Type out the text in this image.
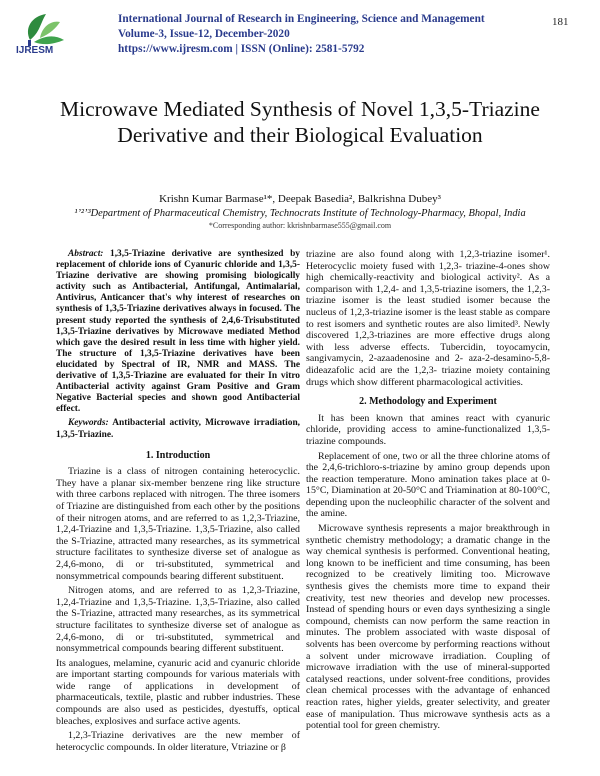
IJRESM
International Journal of Research in Engineering, Science and Management
Volume-3, Issue-12, December-2020
https://www.ijresm.com | ISSN (Online): 2581-5792
181
Microwave Mediated Synthesis of Novel 1,3,5-Triazine Derivative and their Biological Evaluation
Krishn Kumar Barmase¹*, Deepak Basedia², Balkrishna Dubey³
¹ʼ²ʼ³Department of Pharmaceutical Chemistry, Technocrats Institute of Technology-Pharmacy, Bhopal, India
*Corresponding author: kkrishnbarmase555@gmail.com

Abstract: 1,3,5-Triazine derivative are synthesized by replacement of chloride ions of Cyanuric chloride and 1,3,5-Triazine derivative are showing promising biologically activity such as Antibacterial, Antifungal, Antimalarial, Antivirus, Anticancer that's why interest of researches on synthesis of 1,3,5-Triazine derivatives always in focused. The present study reported the synthesis of 2,4,6-Trisubstituted 1,3,5-Triazine derivatives by Microwave mediated Method which gave the desired result in less time with higher yield. The structure of 1,3,5-Triazine derivatives have been elucidated by Spectral of IR, NMR and MASS. The derivative of 1,3,5-Triazine are evaluated for their In vitro Antibacterial activity against Gram Positive and Gram Negative Bacterial species and shown good Antibacterial effect.

Keywords: Antibacterial activity, Microwave irradiation, 1,3,5-Triazine.

1. Introduction

Triazine is a class of nitrogen containing heterocyclic. They have a planar six-member benzene ring like structure with three carbons replaced with nitrogen. The three isomers of Triazine are distinguished from each other by the positions of their nitrogen atoms, and are referred to as 1,2,3-Triazine, 1,2,4-Triazine and 1,3,5-Triazine. 1,3,5-Triazine, also called the S-Triazine, attracted many researches, as its symmetrical structure facilitates to synthesize diverse set of analogue as 2,4,6-mono, di or tri-substituted, symmetrical and nonsymmetrical compounds bearing different substituent.

Nitrogen atoms, and are referred to as 1,2,3-Triazine, 1,2,4-Triazine and 1,3,5-Triazine. 1,3,5-Triazine, also called the S-Triazine, attracted many researches, as its symmetrical structure facilitates to synthesize diverse set of analogue as 2,4,6-mono, di or tri-substituted, symmetrical and nonsymmetrical compounds bearing different substituent.

Its analogues, melamine, cyanuric acid and cyanuric chloride are important starting compounds for various materials with wide range of applications in development of pharmaceuticals, textile, plastic and rubber industries. These compounds are also used as pesticides, dyestuffs, optical bleaches, explosives and surface active agents.

1,2,3-Triazine derivatives are the new member of heterocyclic compounds. In older literature, Vtriazine or β

triazine are also found along with 1,2,3-triazine isomer¹. Heterocyclic moiety fused with 1,2,3- triazine-4-ones show high chemically-reactivity and biological activity². As a comparison with 1,2,4- and 1,3,5-triazine isomers, the 1,2,3-triazine isomer is the least studied isomer because the nucleus of 1,2,3-triazine isomer is the least stable as compare to rest isomers and synthetic routes are also limited³. Newly discovered 1,2,3-triazines are more effective drugs along with less adverse effects. Tubercidin, toyocamycin, sangivamycin, 2-azaadenosine and 2- aza-2-desamino-5,8-dideazafolic acid are the 1,2,3- triazine moiety containing drugs which show different pharmacological activities.

2. Methodology and Experiment

It has been known that amines react with cyanuric chloride, providing access to amine-functionalized 1,3,5-triazine compounds.

Replacement of one, two or all the three chlorine atoms of the 2,4,6-trichloro-s-triazine by amino group depends upon the reaction temperature. Mono amination takes place at 0-15°C, Diamination at 20-50°C and Triamination at 80-100°C, depending upon the nucleophilic character of the solvent and the amine.

Microwave synthesis represents a major breakthrough in synthetic chemistry methodology; a dramatic change in the way chemical synthesis is performed. Conventional heating, long known to be inefficient and time consuming, has been recognized to be creatively limiting too. Microwave synthesis gives the chemists more time to expand their creativity, test new theories and develop new processes. Instead of spending hours or even days synthesizing a single compound, chemists can now perform the same reaction in minutes. The problem associated with waste disposal of solvents has been overcome by performing reactions without a solvent under microwave irradiation. Coupling of microwave irradiation with the use of mineral-supported catalysed reactions, under solvent-free conditions, provides clean chemical processes with the advantage of enhanced reaction rates, higher yields, greater selectivity, and greater ease of manipulation. Thus microwave synthesis acts as a potential tool for green chemistry.
